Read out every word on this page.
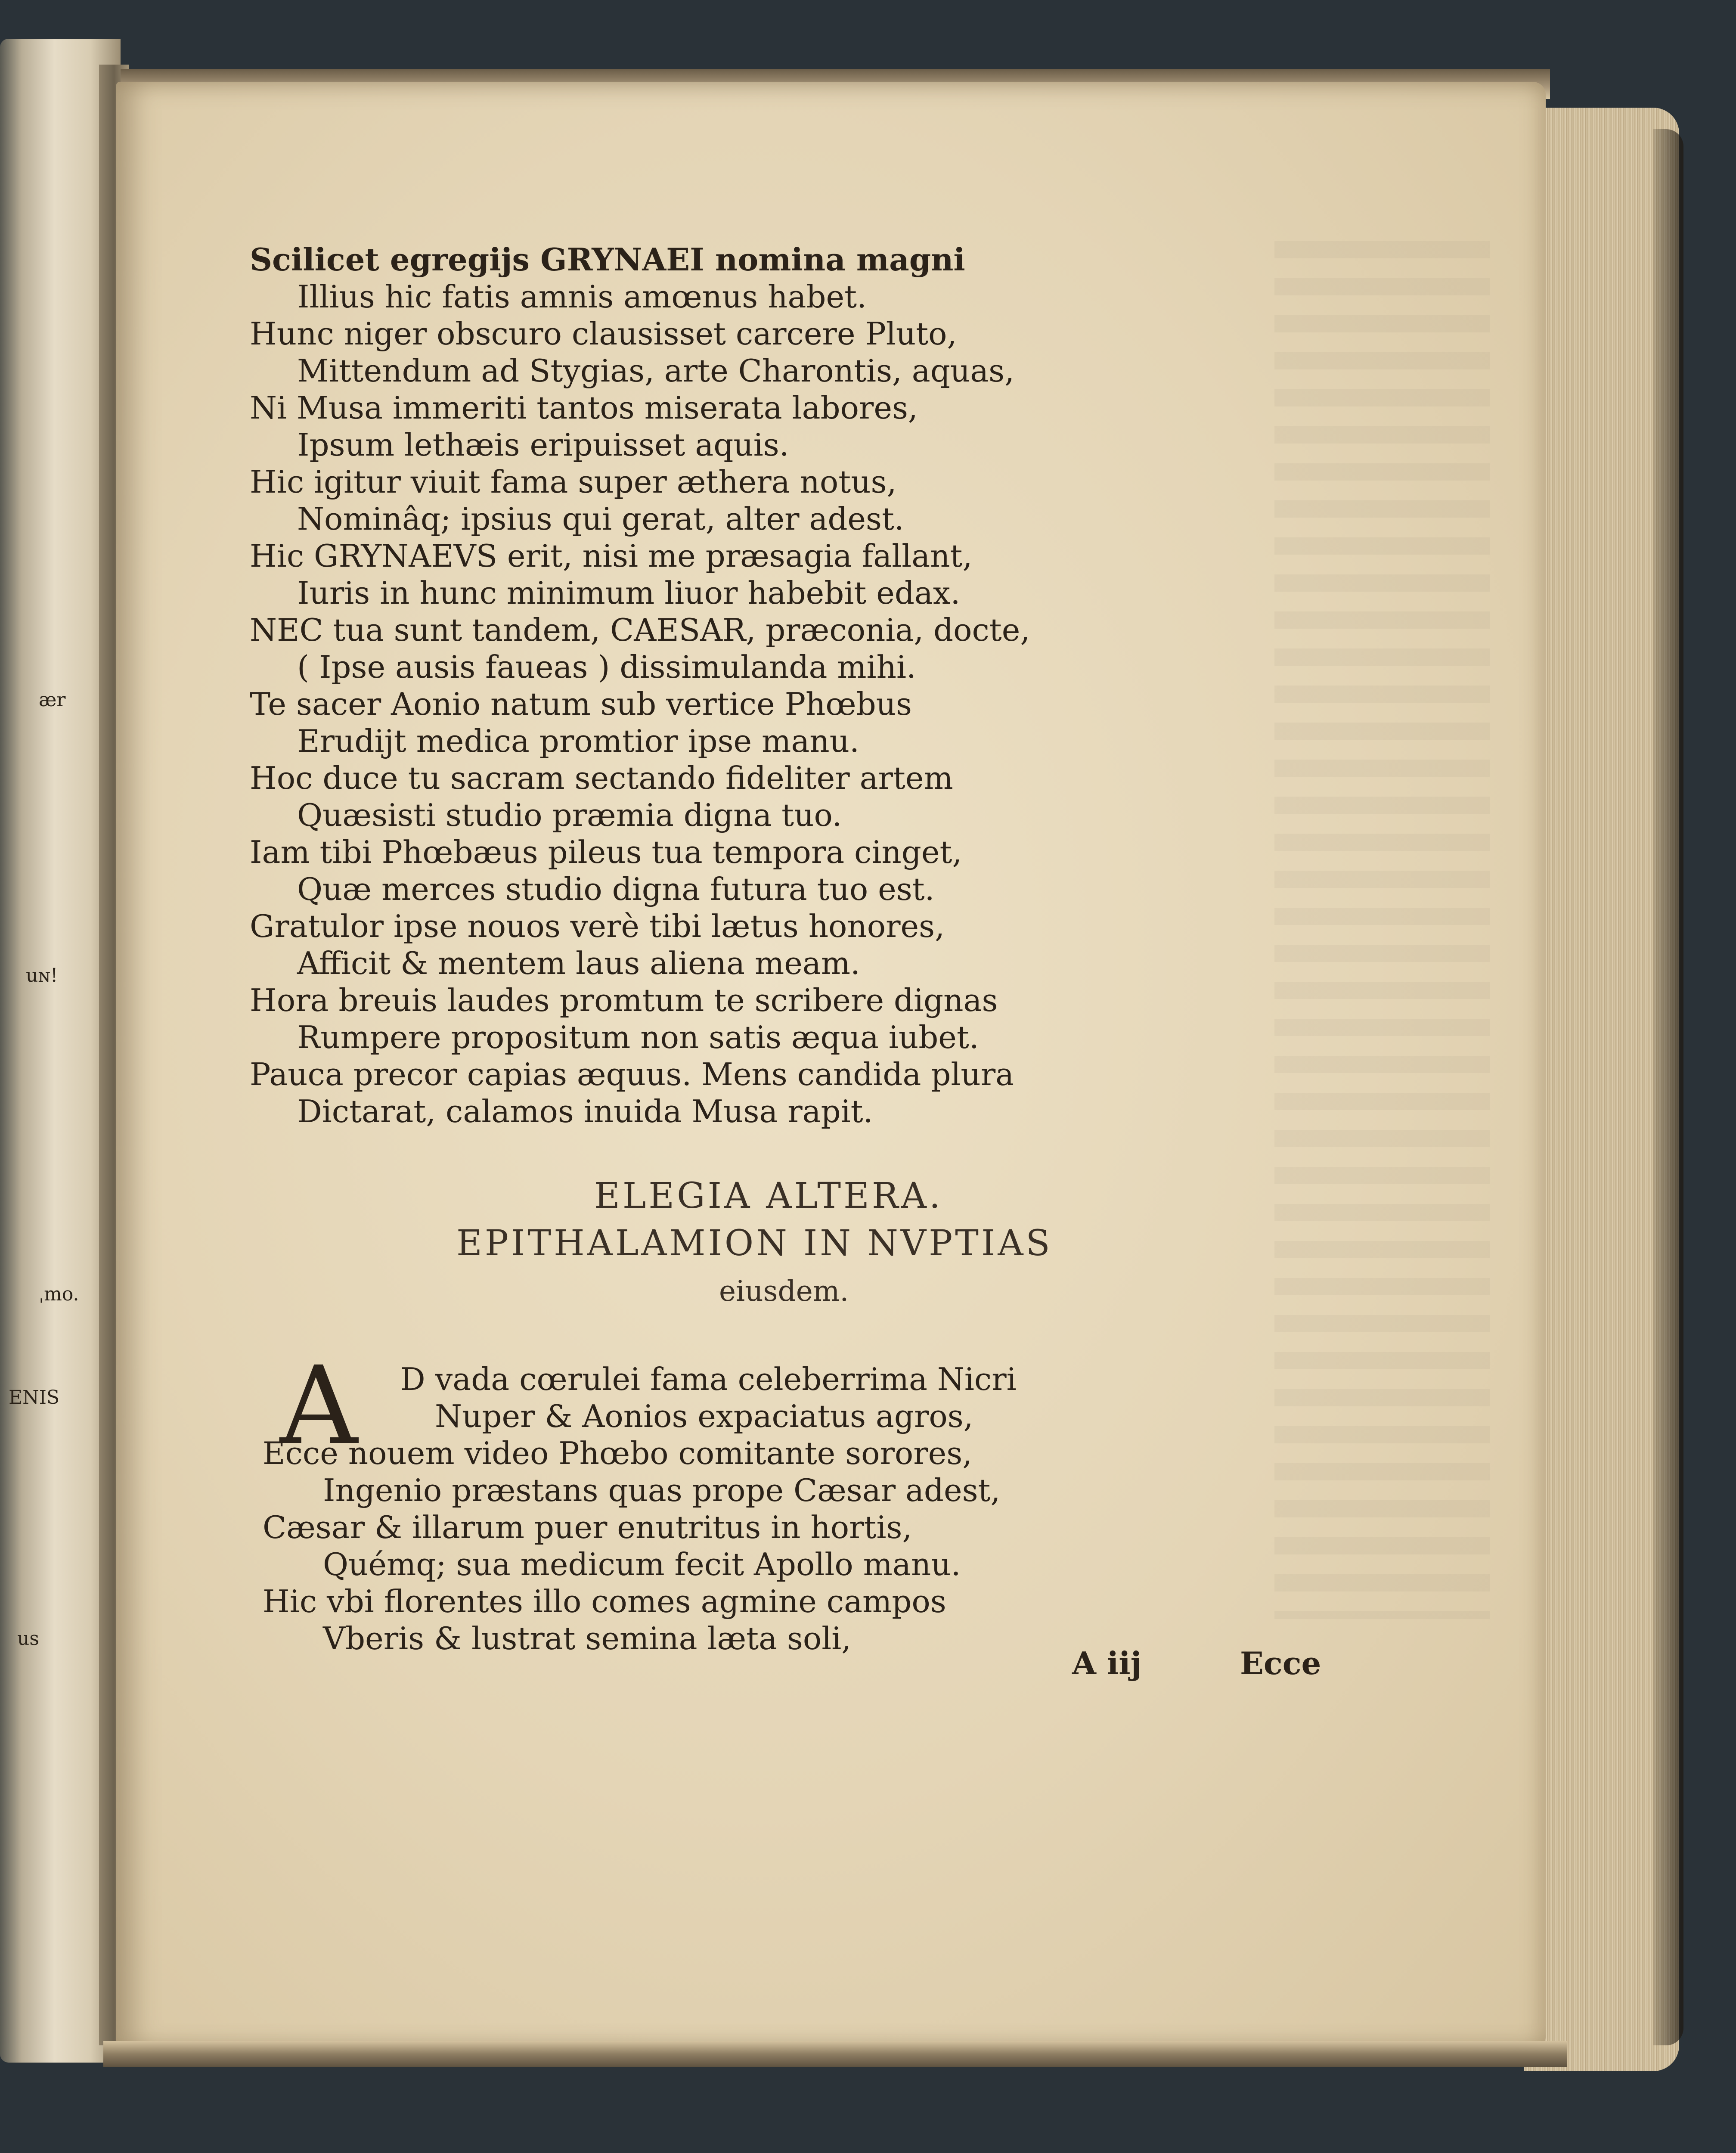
ær
uɴ!
ˌmo.
ENIS
us
Scilicet egregijs GRYNAEI nomina magni
Illius hic fatis amnis amœnus habet.
Hunc niger obscuro clausisset carcere Pluto,
Mittendum ad Stygias, arte Charontis, aquas,
Ni Musa immeriti tantos miserata labores,
Ipsum lethæis eripuisset aquis.
Hic igitur viuit fama super æthera notus,
Nominâq; ipsius qui gerat, alter adest.
Hic GRYNAEVS erit, nisi me præsagia fallant,
Iuris in hunc minimum liuor habebit edax.
NEC tua sunt tandem, CAESAR, præconia, docte,
( Ipse ausis faueas ) dissimulanda mihi.
Te sacer Aonio natum sub vertice Phœbus
Erudijt medica promtior ipse manu.
Hoc duce tu sacram sectando fideliter artem
Quæsisti studio præmia digna tuo.
Iam tibi Phœbæus pileus tua tempora cinget,
Quæ merces studio digna futura tuo est.
Gratulor ipse nouos verè tibi lætus honores,
Afficit & mentem laus aliena meam.
Hora breuis laudes promtum te scribere dignas
Rumpere propositum non satis æqua iubet.
Pauca precor capias æquus. Mens candida plura
Dictarat, calamos inuida Musa rapit.
ELEGIA ALTERA.
EPITHALAMION IN NVPTIAS
eiusdem.
A	D vada cœrulei fama celeberrima Nicri
Nuper & Aonios expaciatus agros,
Ecce nouem video Phœbo comitante sorores,
Ingenio præstans quas prope Cæsar adest,
Cæsar & illarum puer enutritus in hortis,
Quémq; sua medicum fecit Apollo manu.
Hic vbi florentes illo comes agmine campos
Vberis & lustrat semina læta soli,
A iij	Ecce
